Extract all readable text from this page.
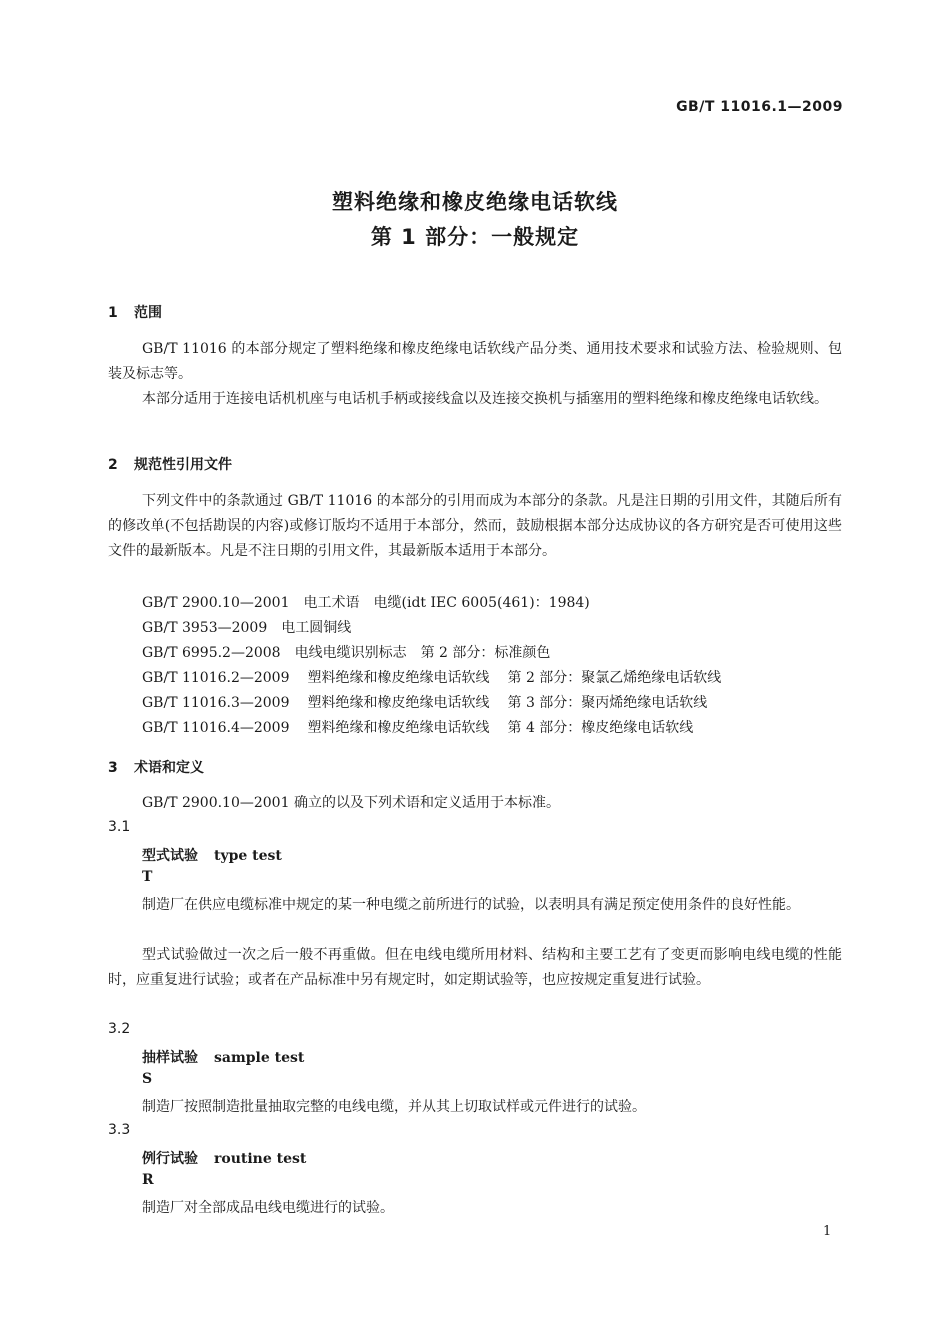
GB/T 11016.1—2009
塑料绝缘和橡皮绝缘电话软线
第 1 部分：一般规定
1 范围
GB/T 11016 的本部分规定了塑料绝缘和橡皮绝缘电话软线产品分类、通用技术要求和试验方法、检验规则、包装及标志等。
本部分适用于连接电话机机座与电话机手柄或接线盒以及连接交换机与插塞用的塑料绝缘和橡皮绝缘电话软线。
2 规范性引用文件
下列文件中的条款通过 GB/T 11016 的本部分的引用而成为本部分的条款。凡是注日期的引用文件，其随后所有的修改单(不包括勘误的内容)或修订版均不适用于本部分，然而，鼓励根据本部分达成协议的各方研究是否可使用这些文件的最新版本。凡是不注日期的引用文件，其最新版本适用于本部分。
GB/T 2900.10—2001 电工术语 电缆(idt IEC 6005(461)：1984)
GB/T 3953—2009 电工圆铜线
GB/T 6995.2—2008 电线电缆识别标志 第 2 部分：标准颜色
GB/T 11016.2—2009 塑料绝缘和橡皮绝缘电话软线 第 2 部分：聚氯乙烯绝缘电话软线
GB/T 11016.3—2009 塑料绝缘和橡皮绝缘电话软线 第 3 部分：聚丙烯绝缘电话软线
GB/T 11016.4—2009 塑料绝缘和橡皮绝缘电话软线 第 4 部分：橡皮绝缘电话软线
3 术语和定义
GB/T 2900.10—2001 确立的以及下列术语和定义适用于本标准。
3.1
型式试验 type test
T
制造厂在供应电缆标准中规定的某一种电缆之前所进行的试验，以表明具有满足预定使用条件的良好性能。
型式试验做过一次之后一般不再重做。但在电线电缆所用材料、结构和主要工艺有了变更而影响电线电缆的性能时，应重复进行试验；或者在产品标准中另有规定时，如定期试验等，也应按规定重复进行试验。
3.2
抽样试验 sample test
S
制造厂按照制造批量抽取完整的电线电缆，并从其上切取试样或元件进行的试验。
3.3
例行试验 routine test
R
制造厂对全部成品电线电缆进行的试验。
1
